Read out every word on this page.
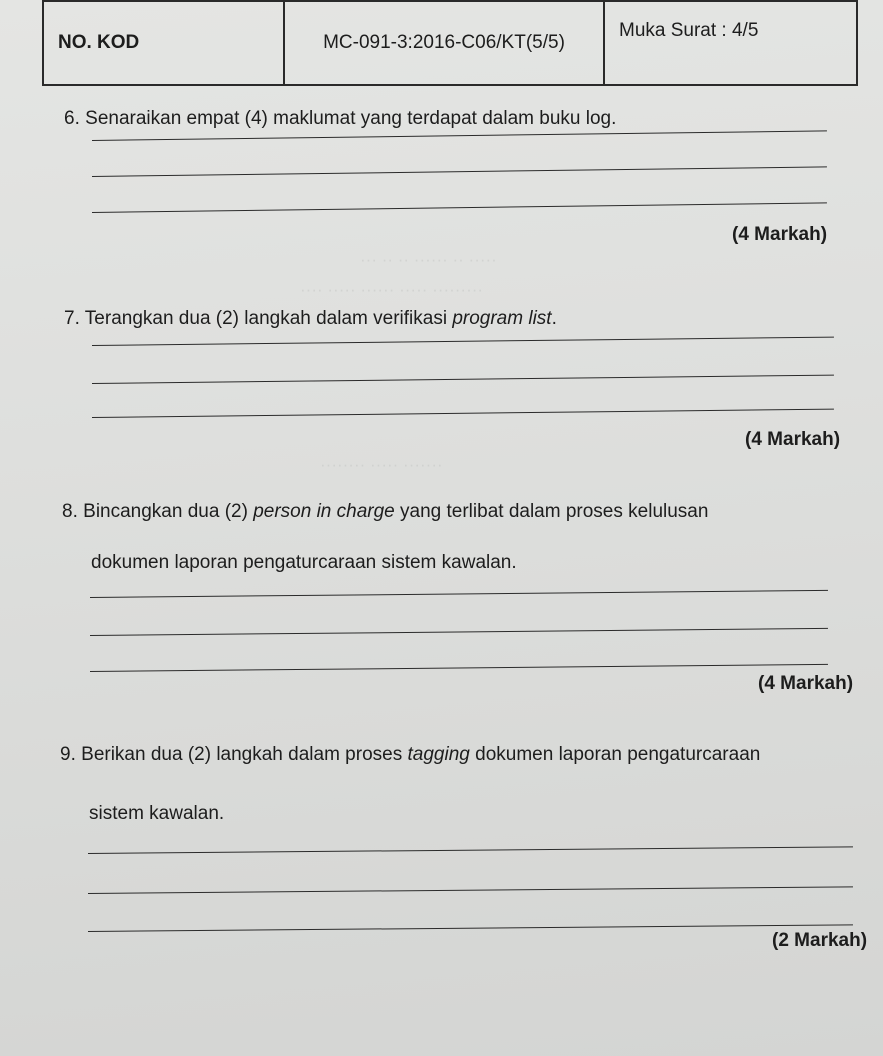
NO. KOD	MC-091-3:2016-C06/KT(5/5)	Muka Surat : 4/5
··· ·· ·· ······ ·· ·····
···· ····· ······ ····· ·········
········ ····· ·······
6. Senaraikan empat (4) maklumat yang terdapat dalam buku log.
(4 Markah)
7. Terangkan dua (2) langkah dalam verifikasi program list.
(4 Markah)
8. Bincangkan dua (2) person in charge yang terlibat dalam proses kelulusan
dokumen laporan pengaturcaraan sistem kawalan.
(4 Markah)
9. Berikan dua (2) langkah dalam proses tagging dokumen laporan pengaturcaraan
sistem kawalan.
(2 Markah)
